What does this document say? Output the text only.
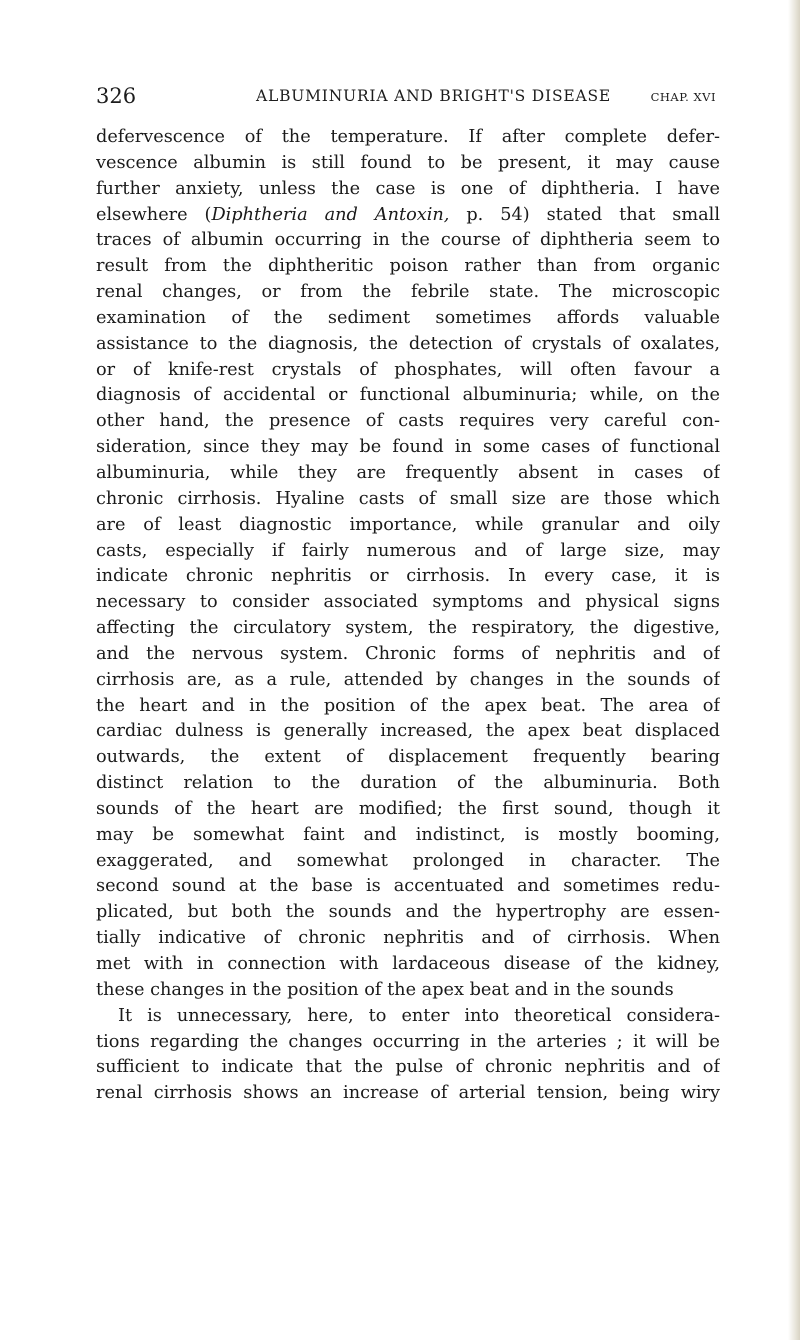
326	ALBUMINURIA AND BRIGHT'S DISEASE	CHAP. XVI
defervescence of the temperature. If after complete defer-
vescence albumin is still found to be present, it may cause
further anxiety, unless the case is one of diphtheria. I have
elsewhere (Diphtheria and Antoxin, p. 54) stated that small
traces of albumin occurring in the course of diphtheria seem to
result from the diphtheritic poison rather than from organic
renal changes, or from the febrile state. The microscopic
examination of the sediment sometimes affords valuable
assistance to the diagnosis, the detection of crystals of oxalates,
or of knife-rest crystals of phosphates, will often favour a
diagnosis of accidental or functional albuminuria; while, on the
other hand, the presence of casts requires very careful con-
sideration, since they may be found in some cases of functional
albuminuria, while they are frequently absent in cases of
chronic cirrhosis. Hyaline casts of small size are those which
are of least diagnostic importance, while granular and oily
casts, especially if fairly numerous and of large size, may
indicate chronic nephritis or cirrhosis. In every case, it is
necessary to consider associated symptoms and physical signs
affecting the circulatory system, the respiratory, the digestive,
and the nervous system. Chronic forms of nephritis and of
cirrhosis are, as a rule, attended by changes in the sounds of
the heart and in the position of the apex beat. The area of
cardiac dulness is generally increased, the apex beat displaced
outwards, the extent of displacement frequently bearing
distinct relation to the duration of the albuminuria. Both
sounds of the heart are modified; the first sound, though it
may be somewhat faint and indistinct, is mostly booming,
exaggerated, and somewhat prolonged in character. The
second sound at the base is accentuated and sometimes redu-
plicated, but both the sounds and the hypertrophy are essen-
tially indicative of chronic nephritis and of cirrhosis. When
met with in connection with lardaceous disease of the kidney,
these changes in the position of the apex beat and in the sounds
It is unnecessary, here, to enter into theoretical considera-
tions regarding the changes occurring in the arteries ; it will be
sufficient to indicate that the pulse of chronic nephritis and of
renal cirrhosis shows an increase of arterial tension, being wiry
